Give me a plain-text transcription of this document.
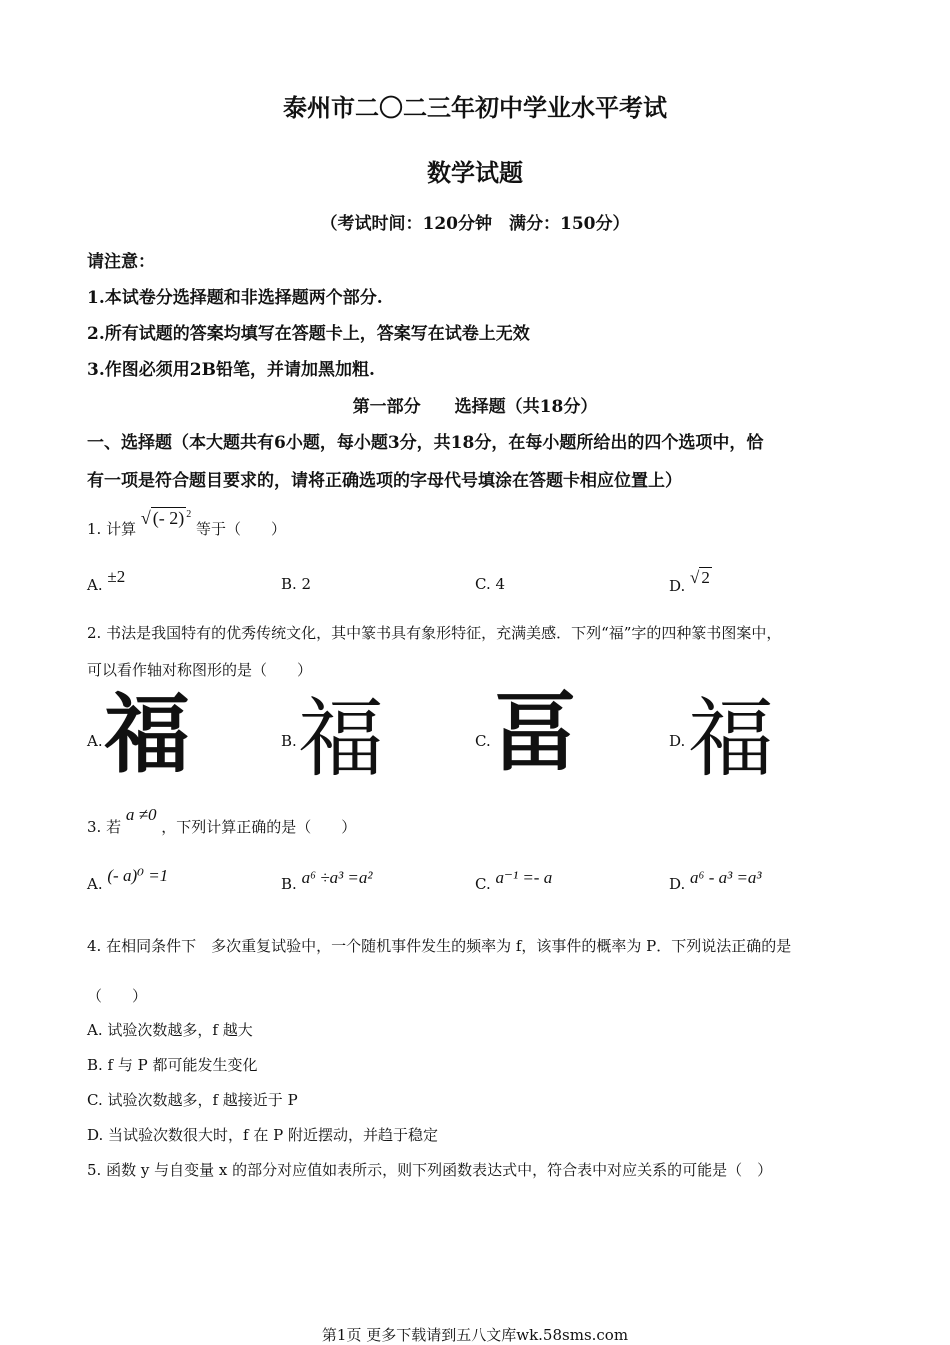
泰州市二〇二三年初中学业水平考试
数学试题
（考试时间：120分钟　满分：150分）
请注意：
1.本试卷分选择题和非选择题两个部分.
2.所有试题的答案均填写在答题卡上，答案写在试卷上无效
3.作图必须用2B铅笔，并请加黑加粗.
第一部分　　选择题（共18分）
一、选择题（本大题共有6小题，每小题3分，共18分，在每小题所给出的四个选项中，恰
有一项是符合题目要求的，请将正确选项的字母代号填涂在答题卡相应位置上）
1. 计算 √ (- 2) $^2$ 等于（　　）
A. ±2	B. 2	C. 4	D. √ 2
2. 书法是我国特有的优秀传统文化，其中篆书具有象形特征，充满美感．下列“福”字的四种篆书图案中，
可以看作轴对称图形的是（　　）
A. 福	B. 福	C. 畐	D. 福
3. 若 a ≠0 ，下列计算正确的是（　　）
A. (- a)⁰ =1	B. a⁶ ÷a³ =a²	C. a⁻¹ =- a	D. a⁶ - a³ =a³
4. 在相同条件下　多次重复试验中，一个随机事件发生的频率为 f，该事件的概率为 P．下列说法正确的是
（　　）
A. 试验次数越多，f 越大
B. f 与 P 都可能发生变化
C. 试验次数越多，f 越接近于 P
D. 当试验次数很大时，f 在 P 附近摆动，并趋于稳定
5. 函数 y 与自变量 x 的部分对应值如表所示，则下列函数表达式中，符合表中对应关系的可能是（　）
第1页 更多下载请到五八文库wk.58sms.com
